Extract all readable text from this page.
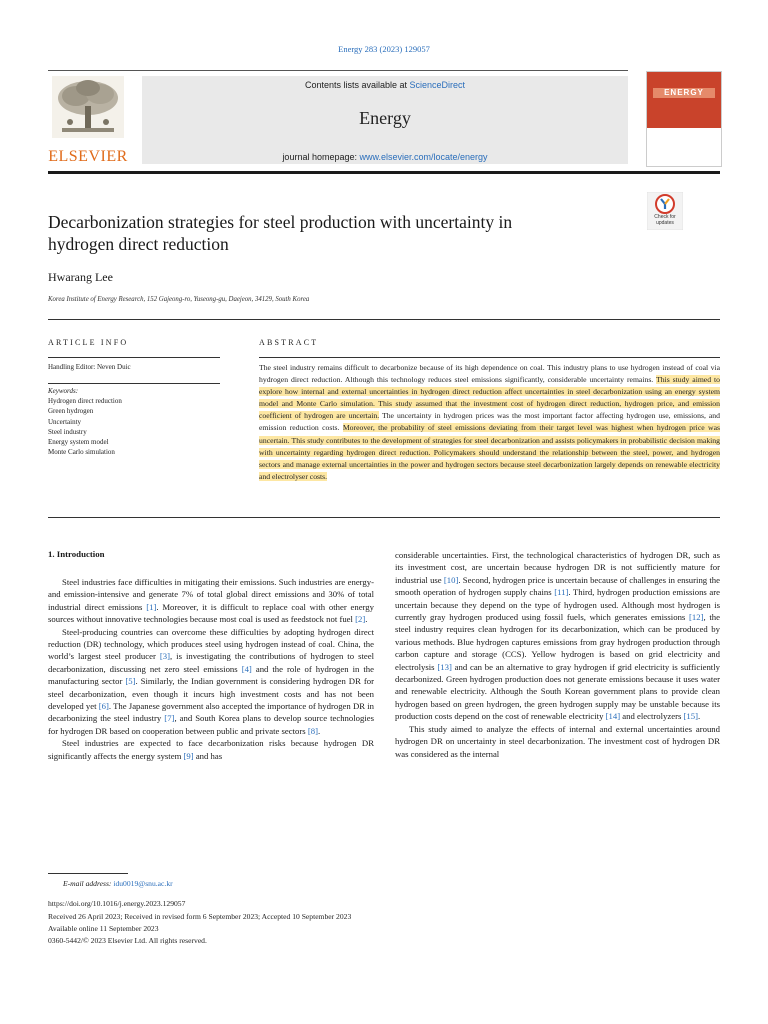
Energy 283 (2023) 129057
ELSEVIER
Contents lists available at ScienceDirect
Energy
journal homepage: www.elsevier.com/locate/energy
ENERGY
Check for updates
Decarbonization strategies for steel production with uncertainty in
hydrogen direct reduction
Hwarang Lee
Korea Institute of Energy Research, 152 Gajeong-ro, Yuseong-gu, Daejeon, 34129, South Korea
ARTICLE INFO
Handling Editor: Neven Duic
Keywords:
Hydrogen direct reduction
Green hydrogen
Uncertainty
Steel industry
Energy system model
Monte Carlo simulation
ABSTRACT
The steel industry remains difficult to decarbonize because of its high dependence on coal. This industry plans to use hydrogen instead of coal via hydrogen direct reduction. Although this technology reduces steel emissions significantly, considerable uncertainty remains. This study aimed to explore how internal and external uncertainties in hydrogen direct reduction affect uncertainties in steel decarbonization using an energy system model and Monte Carlo simulation. This study assumed that the investment cost of hydrogen direct reduction, hydrogen price, and emission coefficient of hydrogen are uncertain. The uncertainty in hydrogen prices was the most important factor affecting hydrogen use, emissions, and emission reduction costs. Moreover, the probability of steel emissions deviating from their target level was highest when hydrogen price was uncertain. This study contributes to the development of strategies for steel decarbonization and assists policymakers in probabilistic decision making with uncertainty regarding hydrogen direct reduction. Policymakers should understand the relationship between the steel, power, and hydrogen sectors and manage external uncertainties in the power and hydrogen sectors because steel decarbonization largely depends on renewable electricity and electrolyser costs.
1. Introduction

Steel industries face difficulties in mitigating their emissions. Such industries are energy- and emission-intensive and generate 7% of total global direct emissions and 30% of total industrial direct emissions [1]. Moreover, it is difficult to replace coal with other energy sources without innovative technologies because most coal is used as feedstock not fuel [2].

Steel-producing countries can overcome these difficulties by adopting hydrogen direct reduction (DR) technology, which produces steel using hydrogen instead of coal. China, the world’s largest steel producer [3], is investigating the contributions of hydrogen to steel decarbonization, discussing net zero steel emissions [4] and the role of hydrogen in the manufacturing sector [5]. Similarly, the Indian government is considering hydrogen DR for steel decarbonization, even though it incurs high investment costs and has not been developed yet [6]. The Japanese government also accepted the importance of hydrogen DR in decarbonizing the steel industry [7], and South Korea plans to develop source technologies for hydrogen DR based on cooperation between public and private sectors [8].

Steel industries are expected to face decarbonization risks because hydrogen DR significantly affects the energy system [9] and has

considerable uncertainties. First, the technological characteristics of hydrogen DR, such as its investment cost, are uncertain because hydrogen DR is not sufficiently mature for industrial use [10]. Second, hydrogen price is uncertain because of challenges in ensuring the smooth operation of hydrogen supply chains [11]. Third, hydrogen production emissions are uncertain because they depend on the type of hydrogen used. Although most hydrogen is currently gray hydrogen produced using fossil fuels, which generates emissions [12], the steel industry requires clean hydrogen for its decarbonization, which can be produced by various methods. Blue hydrogen captures emissions from gray hydrogen production through carbon capture and storage (CCS). Yellow hydrogen is based on grid electricity and electrolysis [13] and can be an alternative to gray hydrogen if grid electricity is sufficiently decarbonized. Green hydrogen production does not generate emissions because it uses water and renewable electricity. Although the South Korean government plans to provide clean hydrogen based on green hydrogen, the green hydrogen supply may be unstable because its production costs depend on the cost of renewable electricity [14] and electrolyzers [15].

This study aimed to analyze the effects of internal and external uncertainties around hydrogen DR on uncertainty in steel decarbonization. The investment cost of hydrogen DR was considered as the internal

E-mail address: idu0019@snu.ac.kr
https://doi.org/10.1016/j.energy.2023.129057
Received 26 April 2023; Received in revised form 6 September 2023; Accepted 10 September 2023
Available online 11 September 2023
0360-5442/© 2023 Elsevier Ltd. All rights reserved.
